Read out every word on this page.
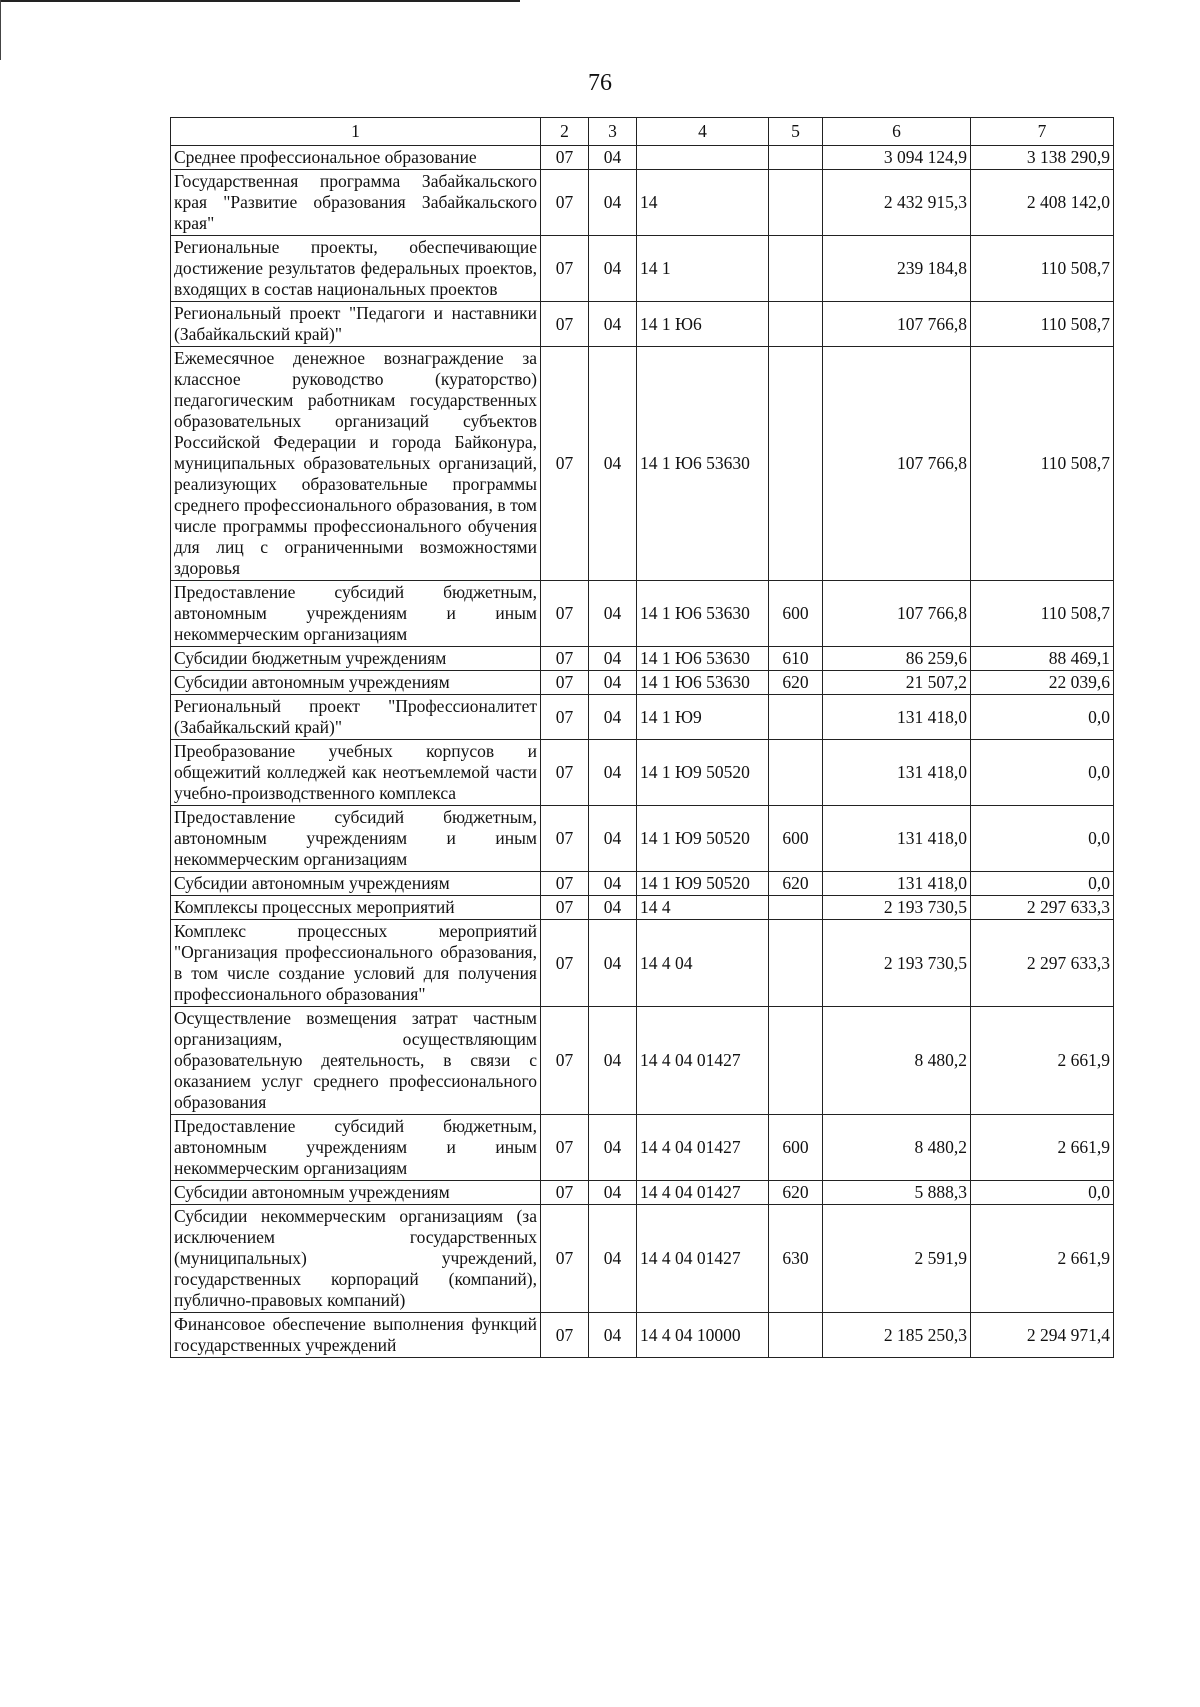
76
1	2	3	4	5	6	7
Среднее профессиональное образование	07	04			3 094 124,9	3 138 290,9
Государственная программа Забайкальского края "Развитие образования Забайкальского края"	07	04	14		2 432 915,3	2 408 142,0
Региональные проекты, обеспечивающие достижение результатов федеральных проектов, входящих в состав национальных проектов	07	04	14 1		239 184,8	110 508,7
Региональный проект "Педагоги и наставники (Забайкальский край)"	07	04	14 1 Ю6		107 766,8	110 508,7
Ежемесячное денежное вознаграждение за классное руководство (кураторство) педагогическим работникам государственных образовательных организаций субъектов Российской Федерации и города Байконура, муниципальных образовательных организаций, реализующих образовательные программы среднего профессионального образования, в том числе программы профессионального обучения для лиц с ограниченными возможностями здоровья	07	04	14 1 Ю6 53630		107 766,8	110 508,7
Предоставление субсидий бюджетным, автономным учреждениям и иным некоммерческим организациям	07	04	14 1 Ю6 53630	600	107 766,8	110 508,7
Субсидии бюджетным учреждениям	07	04	14 1 Ю6 53630	610	86 259,6	88 469,1
Субсидии автономным учреждениям	07	04	14 1 Ю6 53630	620	21 507,2	22 039,6
Региональный проект "Профессионалитет (Забайкальский край)"	07	04	14 1 Ю9		131 418,0	0,0
Преобразование учебных корпусов и общежитий колледжей как неотъемлемой части учебно-производственного комплекса	07	04	14 1 Ю9 50520		131 418,0	0,0
Предоставление субсидий бюджетным, автономным учреждениям и иным некоммерческим организациям	07	04	14 1 Ю9 50520	600	131 418,0	0,0
Субсидии автономным учреждениям	07	04	14 1 Ю9 50520	620	131 418,0	0,0
Комплексы процессных мероприятий	07	04	14 4		2 193 730,5	2 297 633,3
Комплекс процессных мероприятий "Организация профессионального образования, в том числе создание условий для получения профессионального образования"	07	04	14 4 04		2 193 730,5	2 297 633,3
Осуществление возмещения затрат частным организациям, осуществляющим образовательную деятельность, в связи с оказанием услуг среднего профессионального образования	07	04	14 4 04 01427		8 480,2	2 661,9
Предоставление субсидий бюджетным, автономным учреждениям и иным некоммерческим организациям	07	04	14 4 04 01427	600	8 480,2	2 661,9
Субсидии автономным учреждениям	07	04	14 4 04 01427	620	5 888,3	0,0
Субсидии некоммерческим организациям (за исключением государственных (муниципальных) учреждений, государственных корпораций (компаний), публично-правовых компаний)	07	04	14 4 04 01427	630	2 591,9	2 661,9
Финансовое обеспечение выполнения функций государственных учреждений	07	04	14 4 04 10000		2 185 250,3	2 294 971,4
